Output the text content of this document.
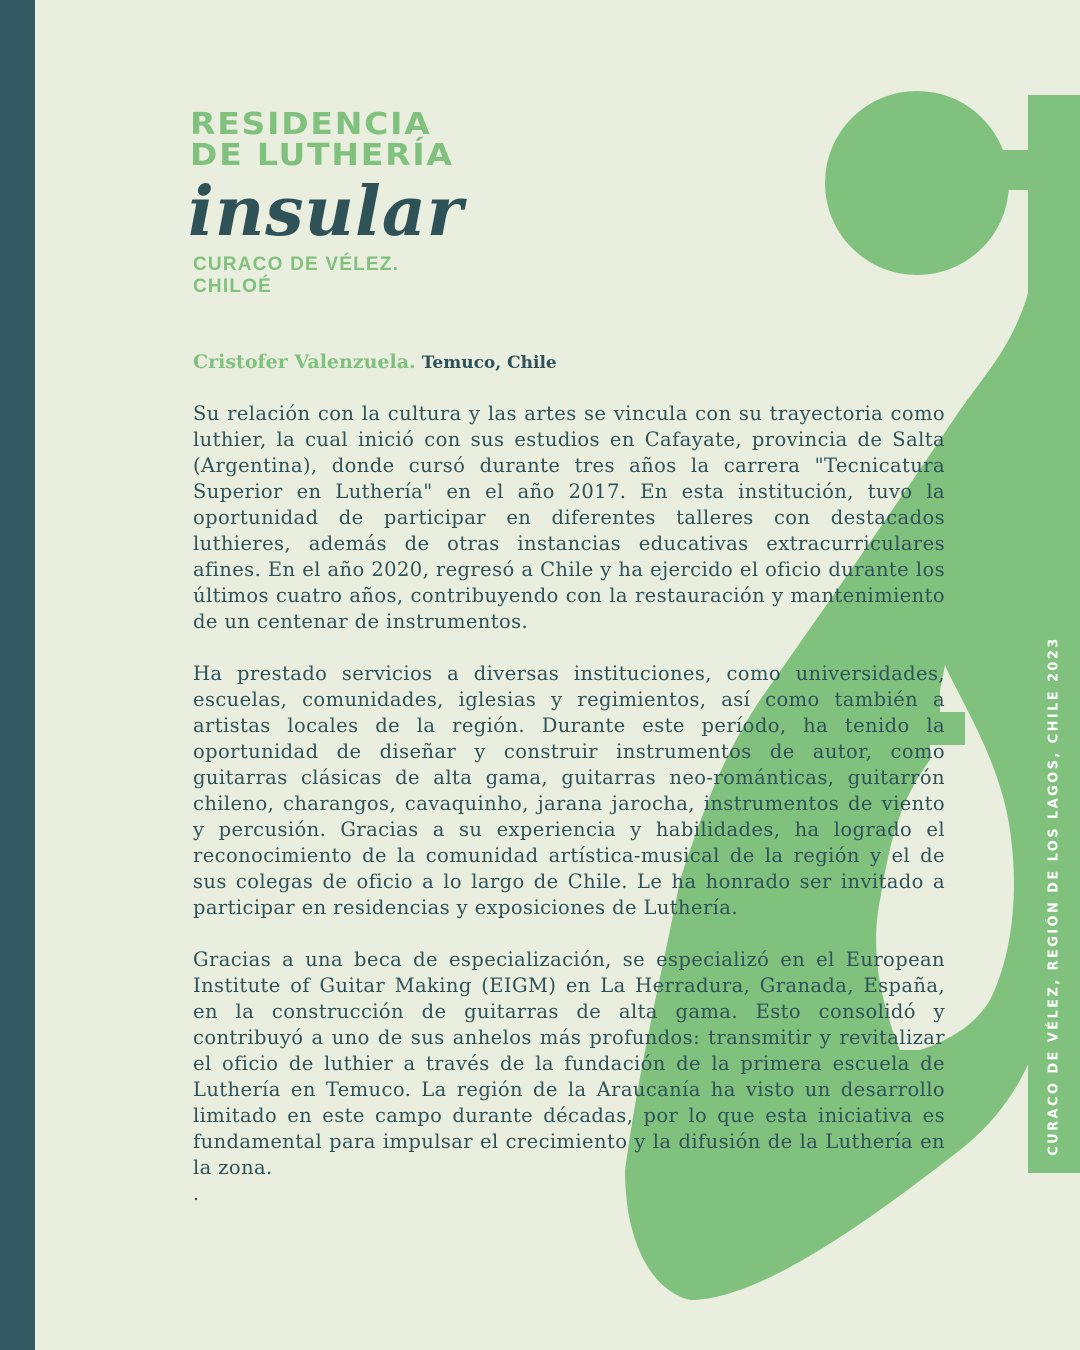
CURACO DE VÉLEZ, REGIÓN DE LOS LAGOS, CHILE 2023
RESIDENCIA
DE LUTHERÍA
insular
CURACO DE VÉLEZ.
CHILOÉ
Cristofer Valenzuela. Temuco, Chile

Su relación con la cultura y las artes se vincula con su trayectoria como luthier, la cual inició con sus estudios en Cafayate, provincia de Salta (Argentina), donde cursó durante tres años la carrera "Tecnicatura Superior en Luthería" en el año 2017. En esta institución, tuvo la oportunidad de participar en diferentes talleres con destacados luthieres, además de otras instancias educativas extracurriculares afines. En el año 2020, regresó a Chile y ha ejercido el oficio durante los últimos cuatro años, contribuyendo con la restauración y mantenimiento de un centenar de instrumentos.

Ha prestado servicios a diversas instituciones, como universidades, escuelas, comunidades, iglesias y regimientos, así como también a artistas locales de la región. Durante este período, ha tenido la oportunidad de diseñar y construir instrumentos de autor, como guitarras clásicas de alta gama, guitarras neo-románticas, guitarrón chileno, charangos, cavaquinho, jarana jarocha, instrumentos de viento y percusión. Gracias a su experiencia y habilidades, ha logrado el reconocimiento de la comunidad artística-musical de la región y el de sus colegas de oficio a lo largo de Chile. Le ha honrado ser invitado a participar en residencias y exposiciones de Luthería.

Gracias a una beca de especialización, se especializó en el European Institute of Guitar Making (EIGM) en La Herradura, Granada, España, en la construcción de guitarras de alta gama. Esto consolidó y contribuyó a uno de sus anhelos más profundos: transmitir y revitalizar el oficio de luthier a través de la fundación de la primera escuela de Luthería en Temuco. La región de la Araucanía ha visto un desarrollo limitado en este campo durante décadas, por lo que esta iniciativa es fundamental para impulsar el crecimiento y la difusión de la Luthería en la zona.

.
